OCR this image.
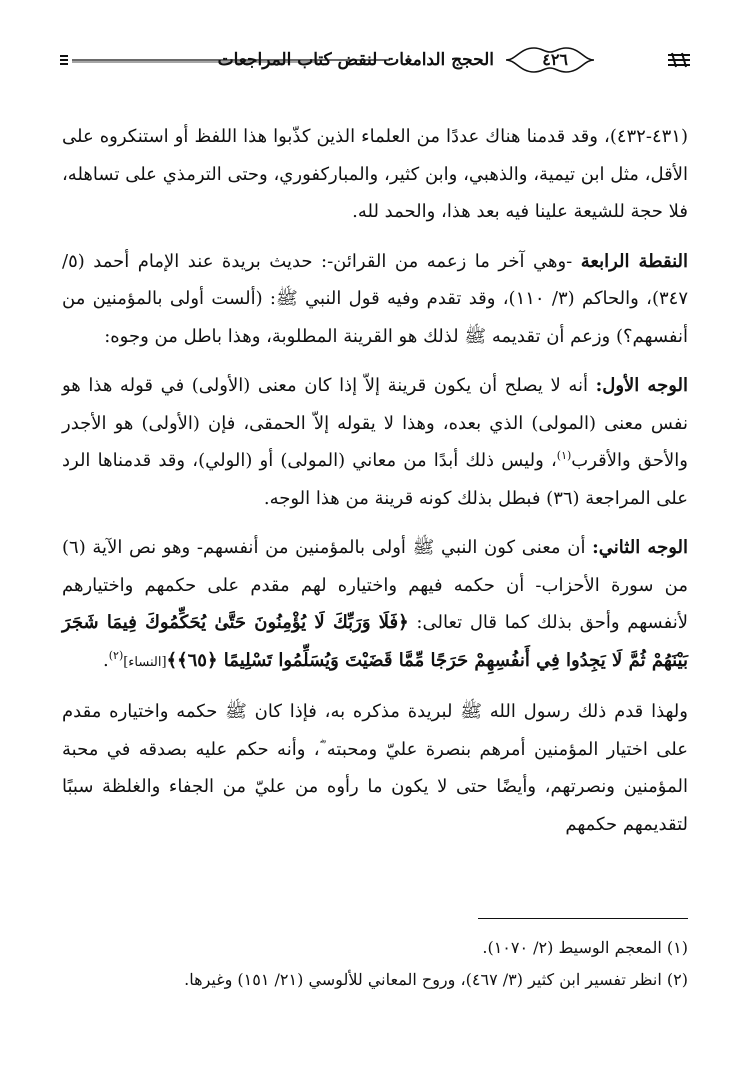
الحجج الدامغات لنقض كتاب المراجعات	٤٢٦

(٤٣١-٤٣٢)، وقد قدمنا هناك عددًا من العلماء الذين كذّبوا هذا اللفظ أو استنكروه على الأقل، مثل ابن تيمية، والذهبي، وابن كثير، والمباركفوري، وحتى الترمذي على تساهله، فلا حجة للشيعة علينا فيه بعد هذا، والحمد لله.

النقطة الرابعة -وهي آخر ما زعمه من القرائن-: حديث بريدة عند الإمام أحمد (٥/ ٣٤٧)، والحاكم (٣/ ١١٠)، وقد تقدم وفيه قول النبي ﷺ: (ألست أولى بالمؤمنين من أنفسهم؟) وزعم أن تقديمه ﷺ لذلك هو القرينة المطلوبة، وهذا باطل من وجوه:

الوجه الأول: أنه لا يصلح أن يكون قرينة إلاّ إذا كان معنى (الأولى) في قوله هذا هو نفس معنى (المولى) الذي بعده، وهذا لا يقوله إلاّ الحمقى، فإن (الأولى) هو الأجدر والأحق والأقرب$^{(١)}$، وليس ذلك أبدًا من معاني (المولى) أو (الولي)، وقد قدمناها الرد على المراجعة (٣٦) فبطل بذلك كونه قرينة من هذا الوجه.

الوجه الثاني: أن معنى كون النبي ﷺ أولى بالمؤمنين من أنفسهم- وهو نص الآية (٦) من سورة الأحزاب- أن حكمه فيهم واختياره لهم مقدم على حكمهم واختيارهم لأنفسهم وأحق بذلك كما قال تعالى: ﴿فَلَا وَرَبِّكَ لَا يُؤْمِنُونَ حَتَّىٰ يُحَكِّمُوكَ فِيمَا شَجَرَ بَيْنَهُمْ ثُمَّ لَا يَجِدُوا فِي أَنفُسِهِمْ حَرَجًا مِّمَّا قَضَيْتَ وَيُسَلِّمُوا تَسْلِيمًا ﴿٦٥﴾﴾[النساء]$^{(٢)}$.

ولهذا قدم ذلك رسول الله ﷺ لبريدة مذكره به، فإذا كان ﷺ حكمه واختياره مقدم على اختيار المؤمنين أمرهم بنصرة عليّ ومحبته ؓ، وأنه حكم عليه بصدقه في محبة المؤمنين ونصرتهم، وأيضًا حتى لا يكون ما رأوه من عليّ من الجفاء والغلظة سببًا لتقديمهم حكمهم

(١) المعجم الوسيط (٢/ ١٠٧٠).

(٢) انظر تفسير ابن كثير (٣/ ٤٦٧)، وروح المعاني للألوسي (٢١/ ١٥١) وغيرها.
